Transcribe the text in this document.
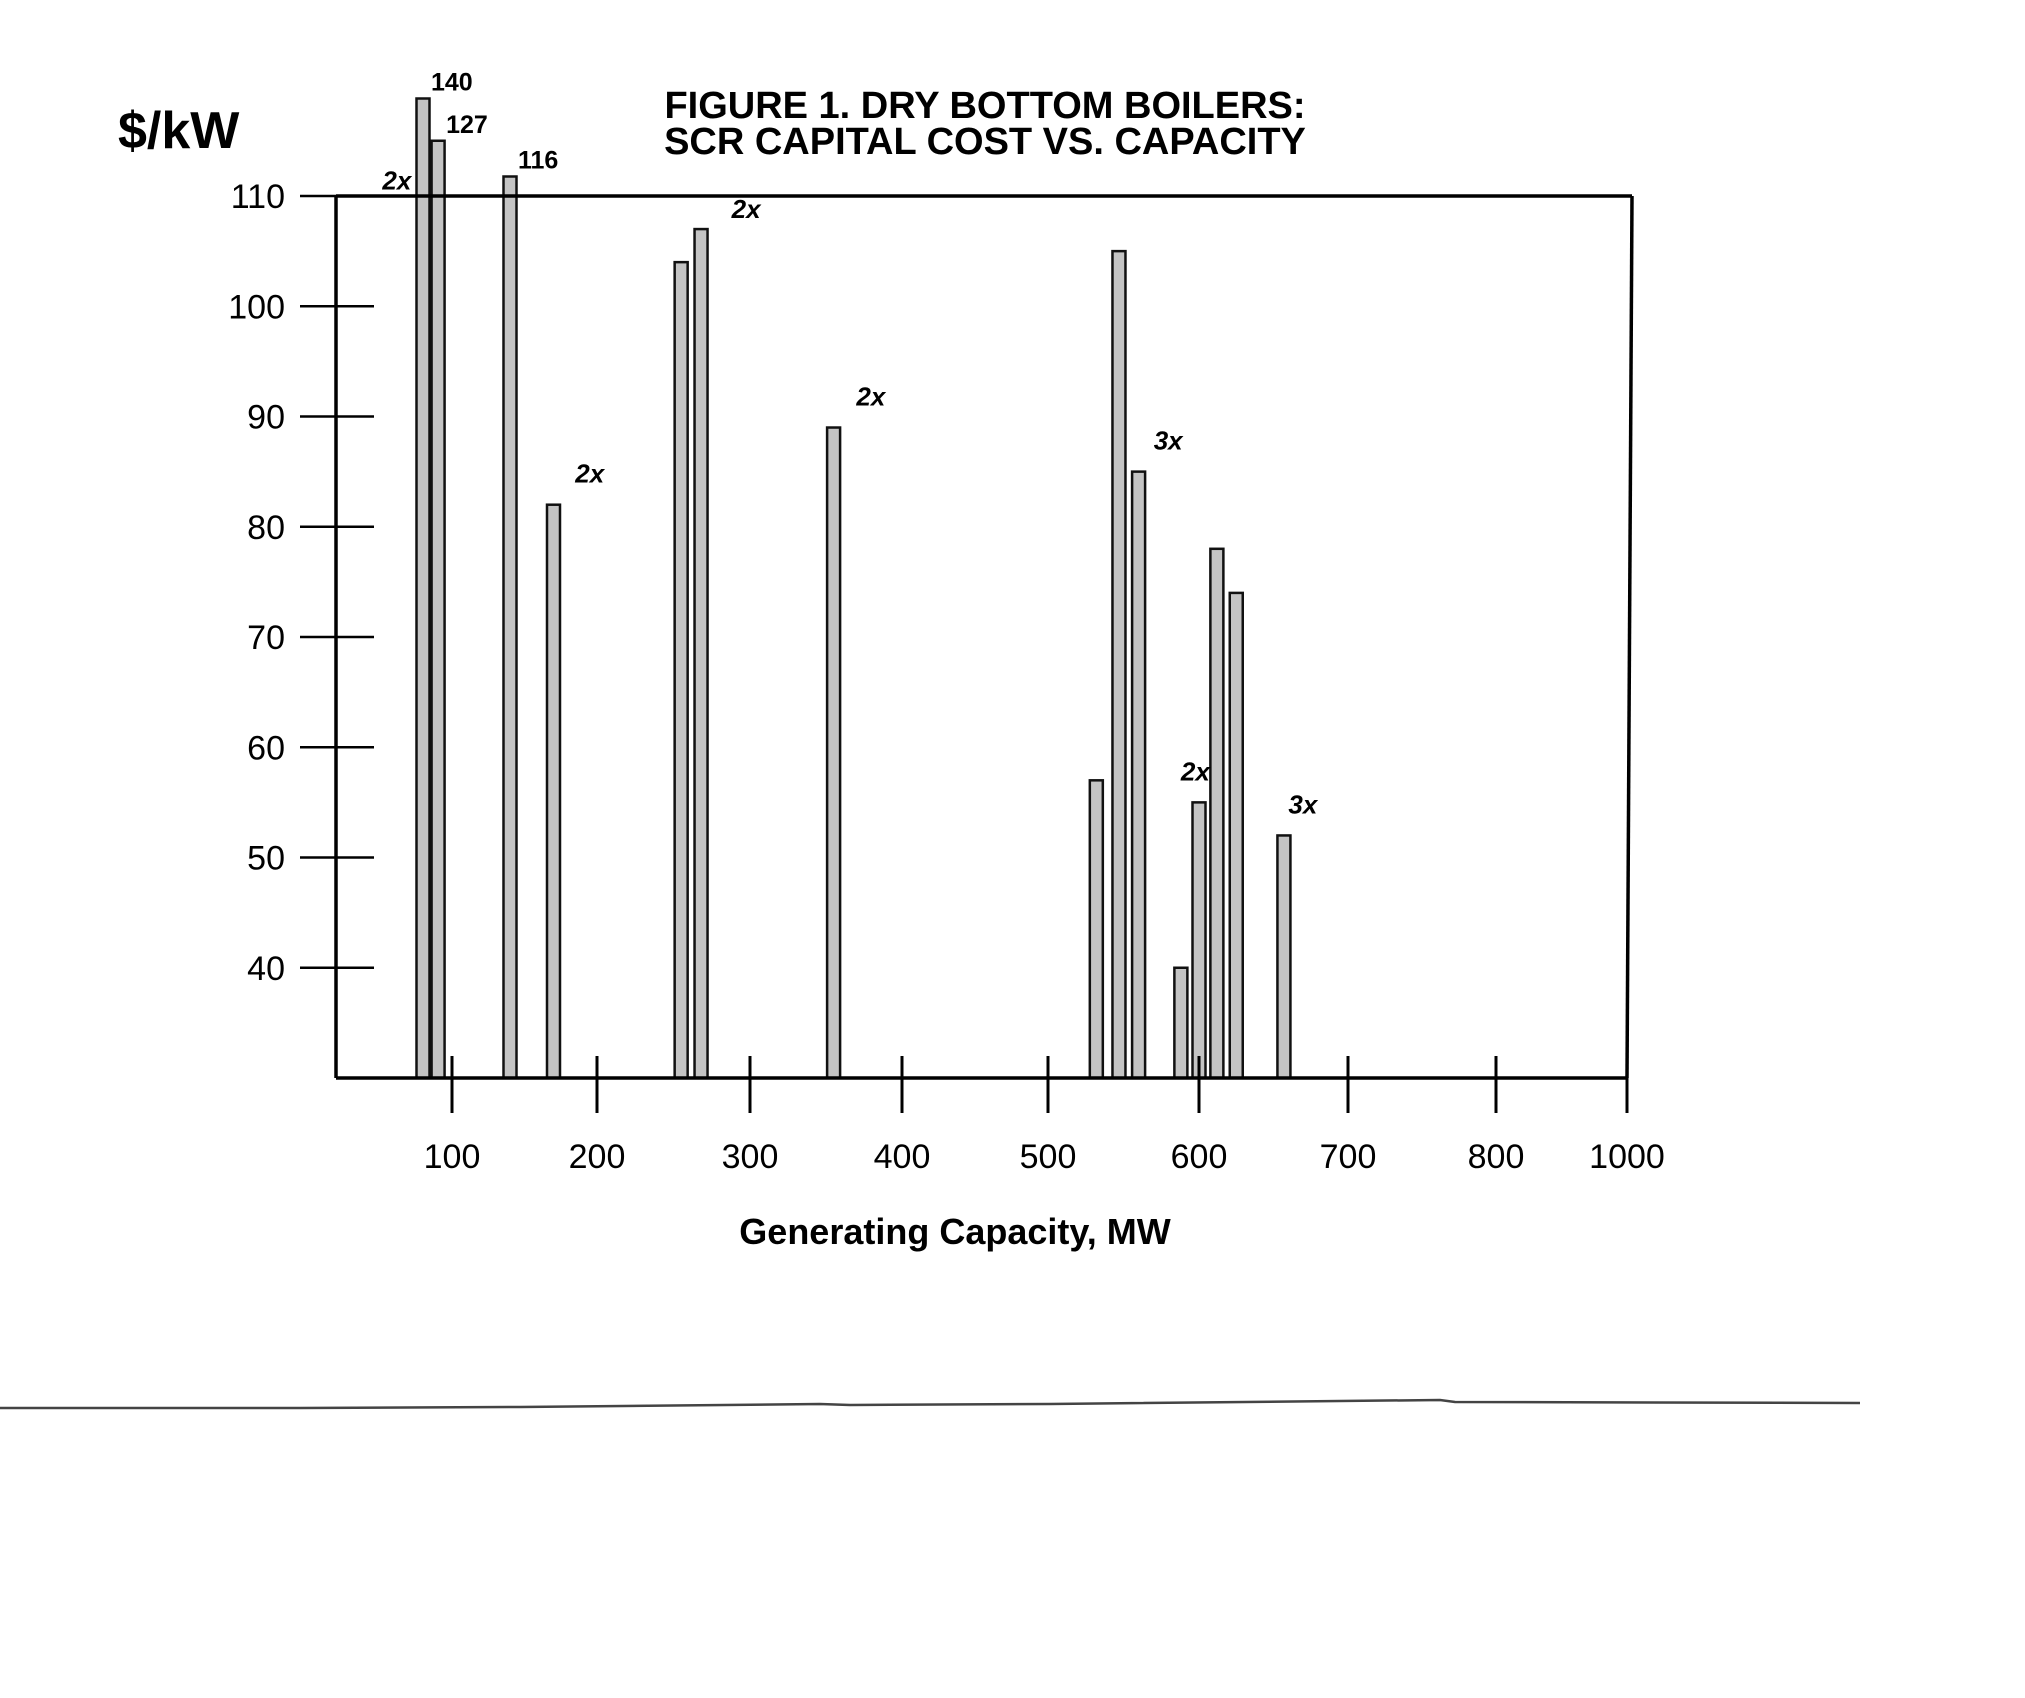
FIGURE 1. DRY BOTTOM BOILERS:
SCR CAPITAL COST VS. CAPACITY
$/kW
40
50
60
70
80
90
100
110
100	200	300	400	500	600	700	800 1000
140
127
116
2x
2x
2x
2x
3x
2x
3x
Generating Capacity, MW
